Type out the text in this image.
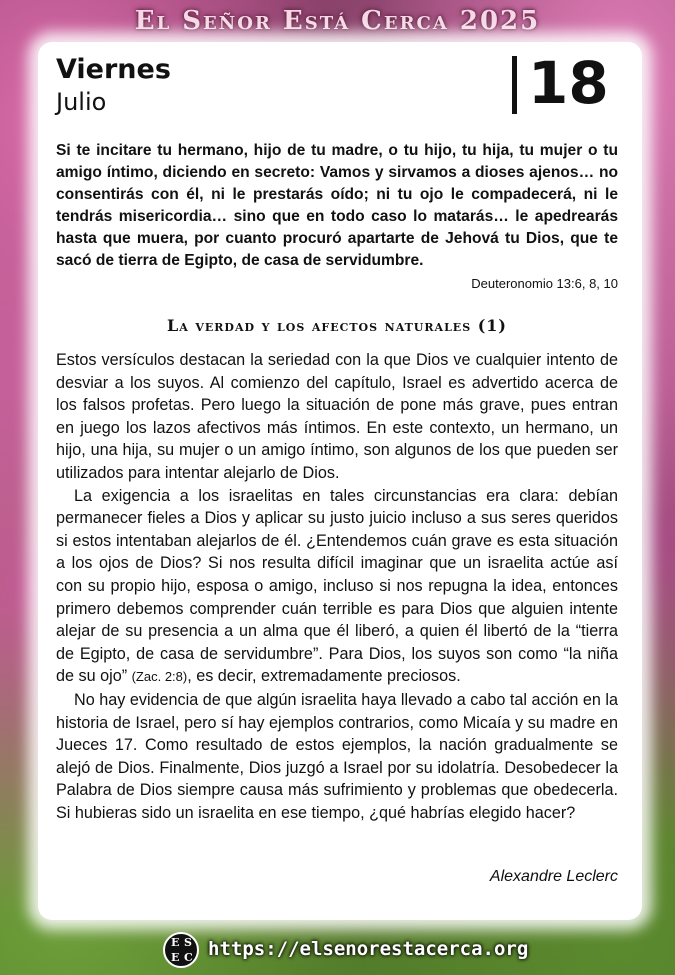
El Señor Está Cerca 2025
Viernes
Julio	18
Si te incitare tu hermano, hijo de tu madre, o tu hijo, tu hija, tu mujer o tu amigo íntimo, diciendo en secreto: Vamos y sirvamos a dioses ajenos… no consentirás con él, ni le prestarás oído; ni tu ojo le compadecerá, ni le tendrás misericordia… sino que en todo caso lo matarás… le apedrearás hasta que muera, por cuanto procuró apartarte de Jehová tu Dios, que te sacó de tierra de Egipto, de casa de servidumbre.
Deuteronomio 13:6, 8, 10
La verdad y los afectos naturales (1)

Estos versículos destacan la seriedad con la que Dios ve cualquier intento de desviar a los suyos. Al comienzo del capítulo, Israel es advertido acerca de los falsos profetas. Pero luego la situación de pone más grave, pues entran en juego los lazos afectivos más íntimos. En este contexto, un hermano, un hijo, una hija, su mujer o un amigo íntimo, son algunos de los que pueden ser utilizados para intentar alejarlo de Dios.

La exigencia a los israelitas en tales circunstancias era clara: debían permanecer fieles a Dios y aplicar su justo juicio incluso a sus seres queridos si estos intentaban alejarlos de él. ¿Entendemos cuán grave es esta situación a los ojos de Dios? Si nos resulta difícil imaginar que un israelita actúe así con su propio hijo, esposa o amigo, incluso si nos repugna la idea, entonces primero debemos comprender cuán terrible es para Dios que alguien intente alejar de su presencia a un alma que él liberó, a quien él libertó de la “tierra de Egipto, de casa de servidumbre”. Para Dios, los suyos son como “la niña de su ojo” (Zac. 2:8), es decir, extremadamente preciosos.

No hay evidencia de que algún israelita haya llevado a cabo tal acción en la historia de Israel, pero sí hay ejemplos contrarios, como Micaía y su madre en Jueces 17. Como resultado de estos ejemplos, la nación gradualmente se alejó de Dios. Finalmente, Dios juzgó a Israel por su idolatría. Desobedecer la Palabra de Dios siempre causa más sufrimiento y problemas que obedecerla. Si hubieras sido un israelita en ese tiempo, ¿qué habrías elegido hacer?

Alexandre Leclerc
E S
E C https://elsenorestacerca.org
